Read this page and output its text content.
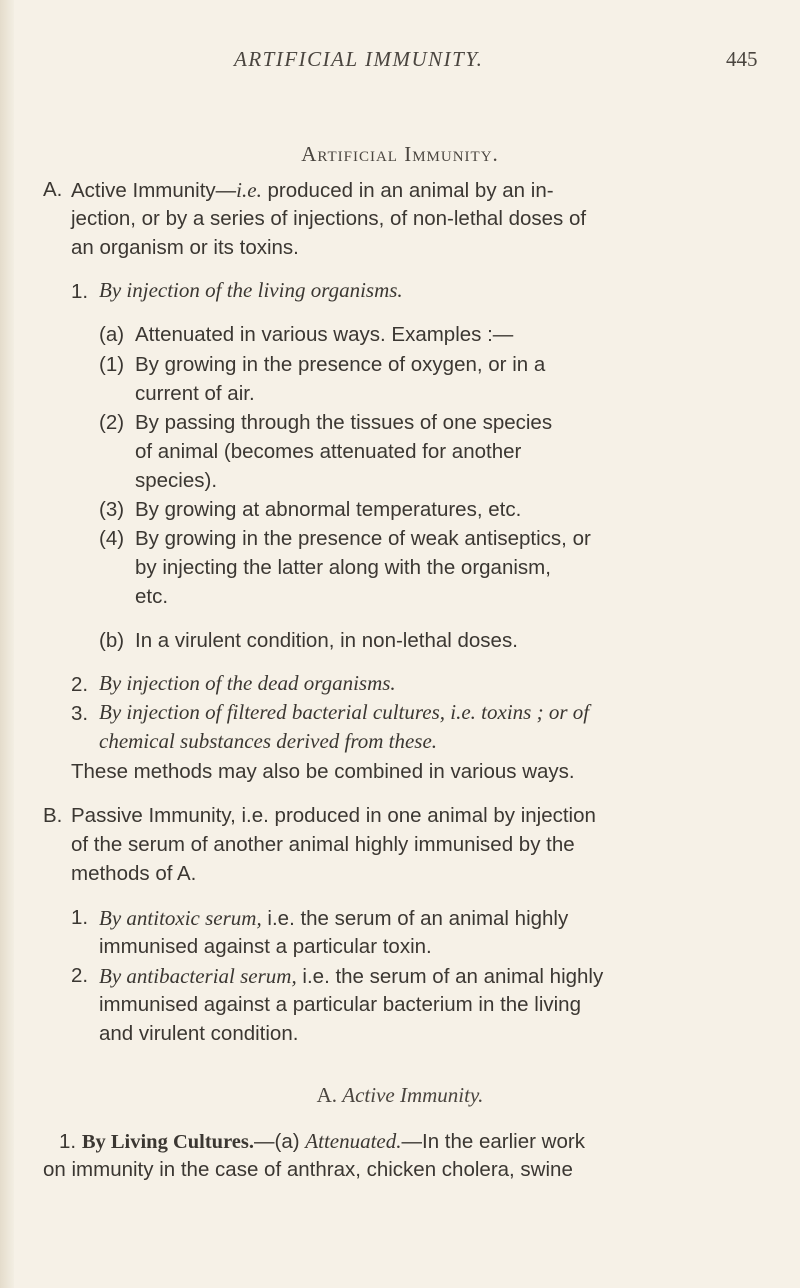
ARTIFICIAL IMMUNITY.	445
Artificial Immunity.
A. Active Immunity—i.e. produced in an animal by an in-
jection, or by a series of injections, of non-lethal doses of
an organism or its toxins.
1. By injection of the living organisms.
(a) Attenuated in various ways. Examples :—
(1) By growing in the presence of oxygen, or in a
current of air.
(2) By passing through the tissues of one species
of animal (becomes attenuated for another
species).
(3) By growing at abnormal temperatures, etc.
(4) By growing in the presence of weak antiseptics, or
by injecting the latter along with the organism,
etc.
(b) In a virulent condition, in non-lethal doses.
2. By injection of the dead organisms.
3. By injection of filtered bacterial cultures, i.e. toxins ; or of
chemical substances derived from these.
These methods may also be combined in various ways.
B. Passive Immunity, i.e. produced in one animal by injection
of the serum of another animal highly immunised by the
methods of A.
1. By antitoxic serum, i.e. the serum of an animal highly
immunised against a particular toxin.
2. By antibacterial serum, i.e. the serum of an animal highly
immunised against a particular bacterium in the living
and virulent condition.
A. Active Immunity.
1. By Living Cultures.—(a) Attenuated.—In the earlier work
on immunity in the case of anthrax, chicken cholera, swine
